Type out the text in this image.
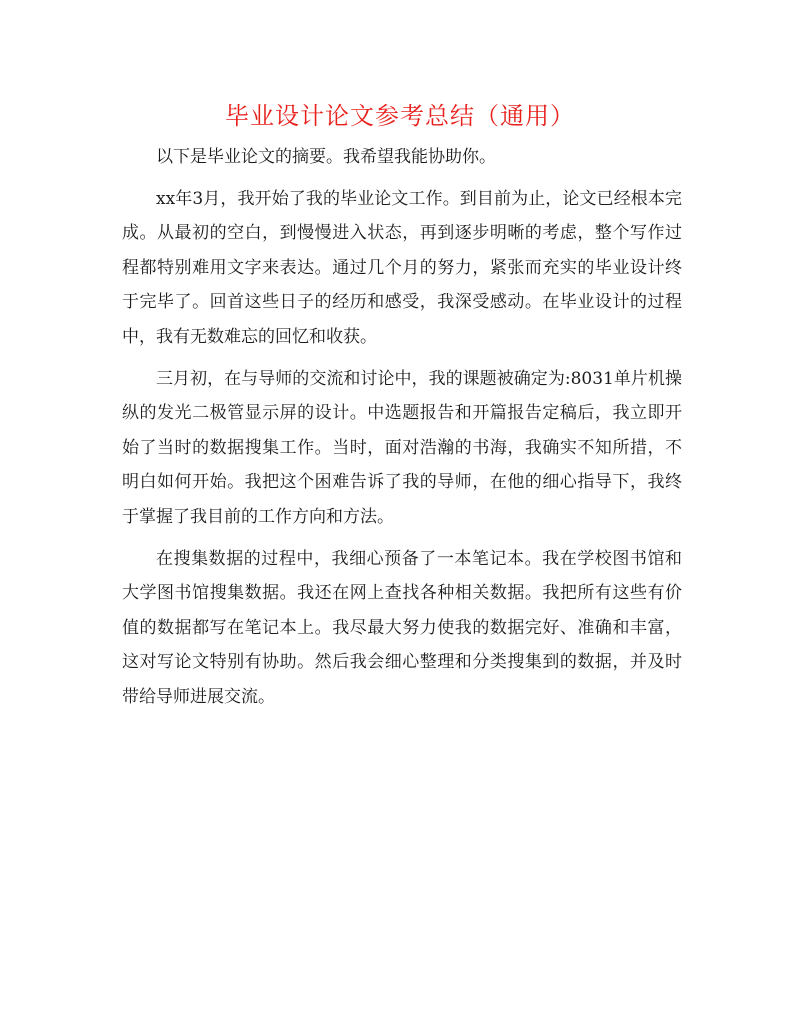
毕业设计论文参考总结（通用）

以下是毕业论文的摘要。我希望我能协助你。

xx年3月，我开始了我的毕业论文工作。到目前为止，论文已经根本完成。从最初的空白，到慢慢进入状态，再到逐步明晰的考虑，整个写作过程都特别难用文字来表达。通过几个月的努力，紧张而充实的毕业设计终于完毕了。回首这些日子的经历和感受，我深受感动。在毕业设计的过程中，我有无数难忘的回忆和收获。

三月初，在与导师的交流和讨论中，我的课题被确定为:8031单片机操纵的发光二极管显示屏的设计。中选题报告和开篇报告定稿后，我立即开始了当时的数据搜集工作。当时，面对浩瀚的书海，我确实不知所措，不明白如何开始。我把这个困难告诉了我的导师，在他的细心指导下，我终于掌握了我目前的工作方向和方法。

在搜集数据的过程中，我细心预备了一本笔记本。我在学校图书馆和大学图书馆搜集数据。我还在网上查找各种相关数据。我把所有这些有价值的数据都写在笔记本上。我尽最大努力使我的数据完好、准确和丰富，这对写论文特别有协助。然后我会细心整理和分类搜集到的数据，并及时带给导师进展交流。
